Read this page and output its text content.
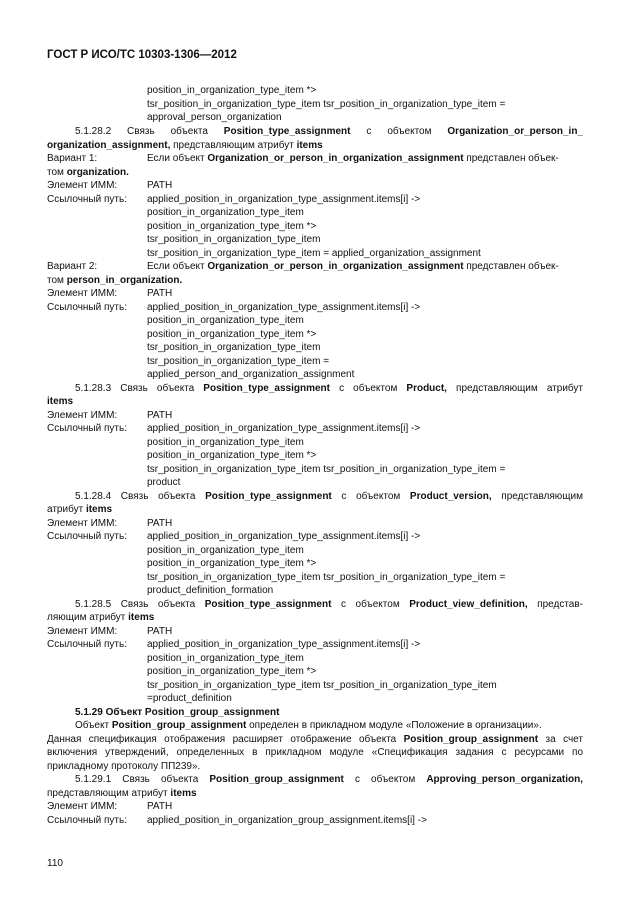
ГОСТ Р ИСО/ТС 10303-1306—2012
position_in_organization_type_item *>
tsr_position_in_organization_type_item tsr_position_in_organization_type_item =
approval_person_organization
5.1.28.2 Связь объекта Position_type_assignment с объектом Organization_or_person_in_
organization_assignment, представляющим атрибут items
Вариант 1:	Если объект Organization_or_person_in_organization_assignment представлен объек-
том organization.
Элемент ИММ:	PATH
Ссылочный путь: applied_position_in_organization_type_assignment.items[i] ->
position_in_organization_type_item
position_in_organization_type_item *>
tsr_position_in_organization_type_item
tsr_position_in_organization_type_item = applied_organization_assignment
Вариант 2:	Если объект Organization_or_person_in_organization_assignment представлен объек-
том person_in_organization.
Элемент ИММ:	PATH
Ссылочный путь: applied_position_in_organization_type_assignment.items[i] ->
position_in_organization_type_item
position_in_organization_type_item *>
tsr_position_in_organization_type_item
tsr_position_in_organization_type_item =
applied_person_and_organization_assignment
5.1.28.3 Связь объекта Position_type_assignment с объектом Product, представляющим атрибут
items
Элемент ИММ:	PATH
Ссылочный путь: applied_position_in_organization_type_assignment.items[i] ->
position_in_organization_type_item
position_in_organization_type_item *>
tsr_position_in_organization_type_item tsr_position_in_organization_type_item =
product
5.1.28.4 Связь объекта Position_type_assignment с объектом Product_version, представляющим
атрибут items
Элемент ИММ:	PATH
Ссылочный путь: applied_position_in_organization_type_assignment.items[i] ->
position_in_organization_type_item
position_in_organization_type_item *>
tsr_position_in_organization_type_item tsr_position_in_organization_type_item =
product_definition_formation
5.1.28.5 Связь объекта Position_type_assignment с объектом Product_view_definition, представ-
ляющим атрибут items
Элемент ИММ:	PATH
Ссылочный путь: applied_position_in_organization_type_assignment.items[i] ->
position_in_organization_type_item
position_in_organization_type_item *>
tsr_position_in_organization_type_item tsr_position_in_organization_type_item
=product_definition
5.1.29 Объект Position_group_assignment
Объект Position_group_assignment определен в прикладном модуле «Положение в организации».
Данная спецификация отображения расширяет отображение объекта Position_group_assignment за счет
включения утверждений, определенных в прикладном модуле «Спецификация задания с ресурсами по
прикладному протоколу ПП239».
5.1.29.1 Связь объекта Position_group_assignment с объектом Approving_person_organization,
представляющим атрибут items
Элемент ИММ:	PATH
Ссылочный путь: applied_position_in_organization_group_assignment.items[i] ->
110
